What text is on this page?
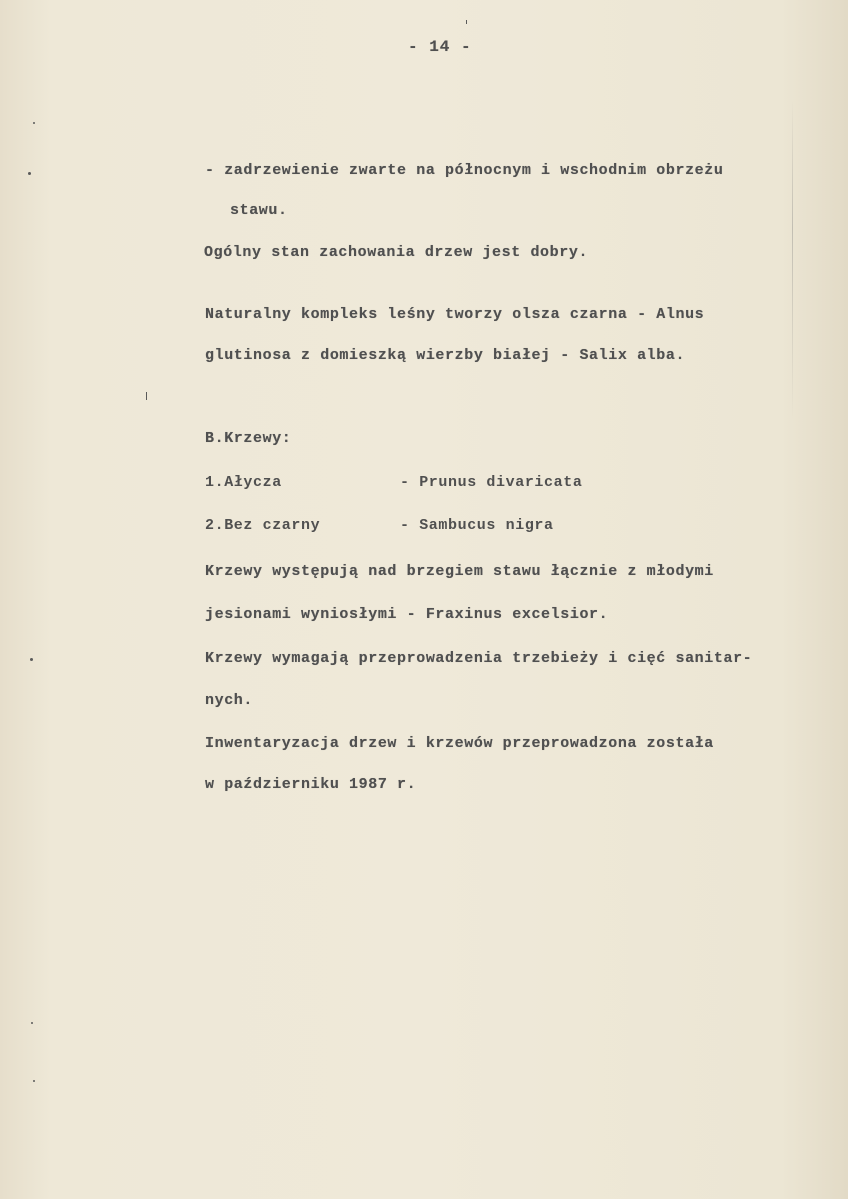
- 14 -
- zadrzewienie zwarte na północnym i wschodnim obrzeżu
stawu.
Ogólny stan zachowania drzew jest dobry.
Naturalny kompleks leśny tworzy olsza czarna - Alnus
glutinosa z domieszką wierzby białej - Salix alba.
B.Krzewy:
1.Ałycza	- Prunus divaricata
2.Bez czarny	- Sambucus nigra
Krzewy występują nad brzegiem stawu łącznie z młodymi
jesionami wyniosłymi - Fraxinus excelsior.
Krzewy wymagają przeprowadzenia trzebieży i cięć sanitar-
nych.
Inwentaryzacja drzew i krzewów przeprowadzona została
w październiku 1987 r.
